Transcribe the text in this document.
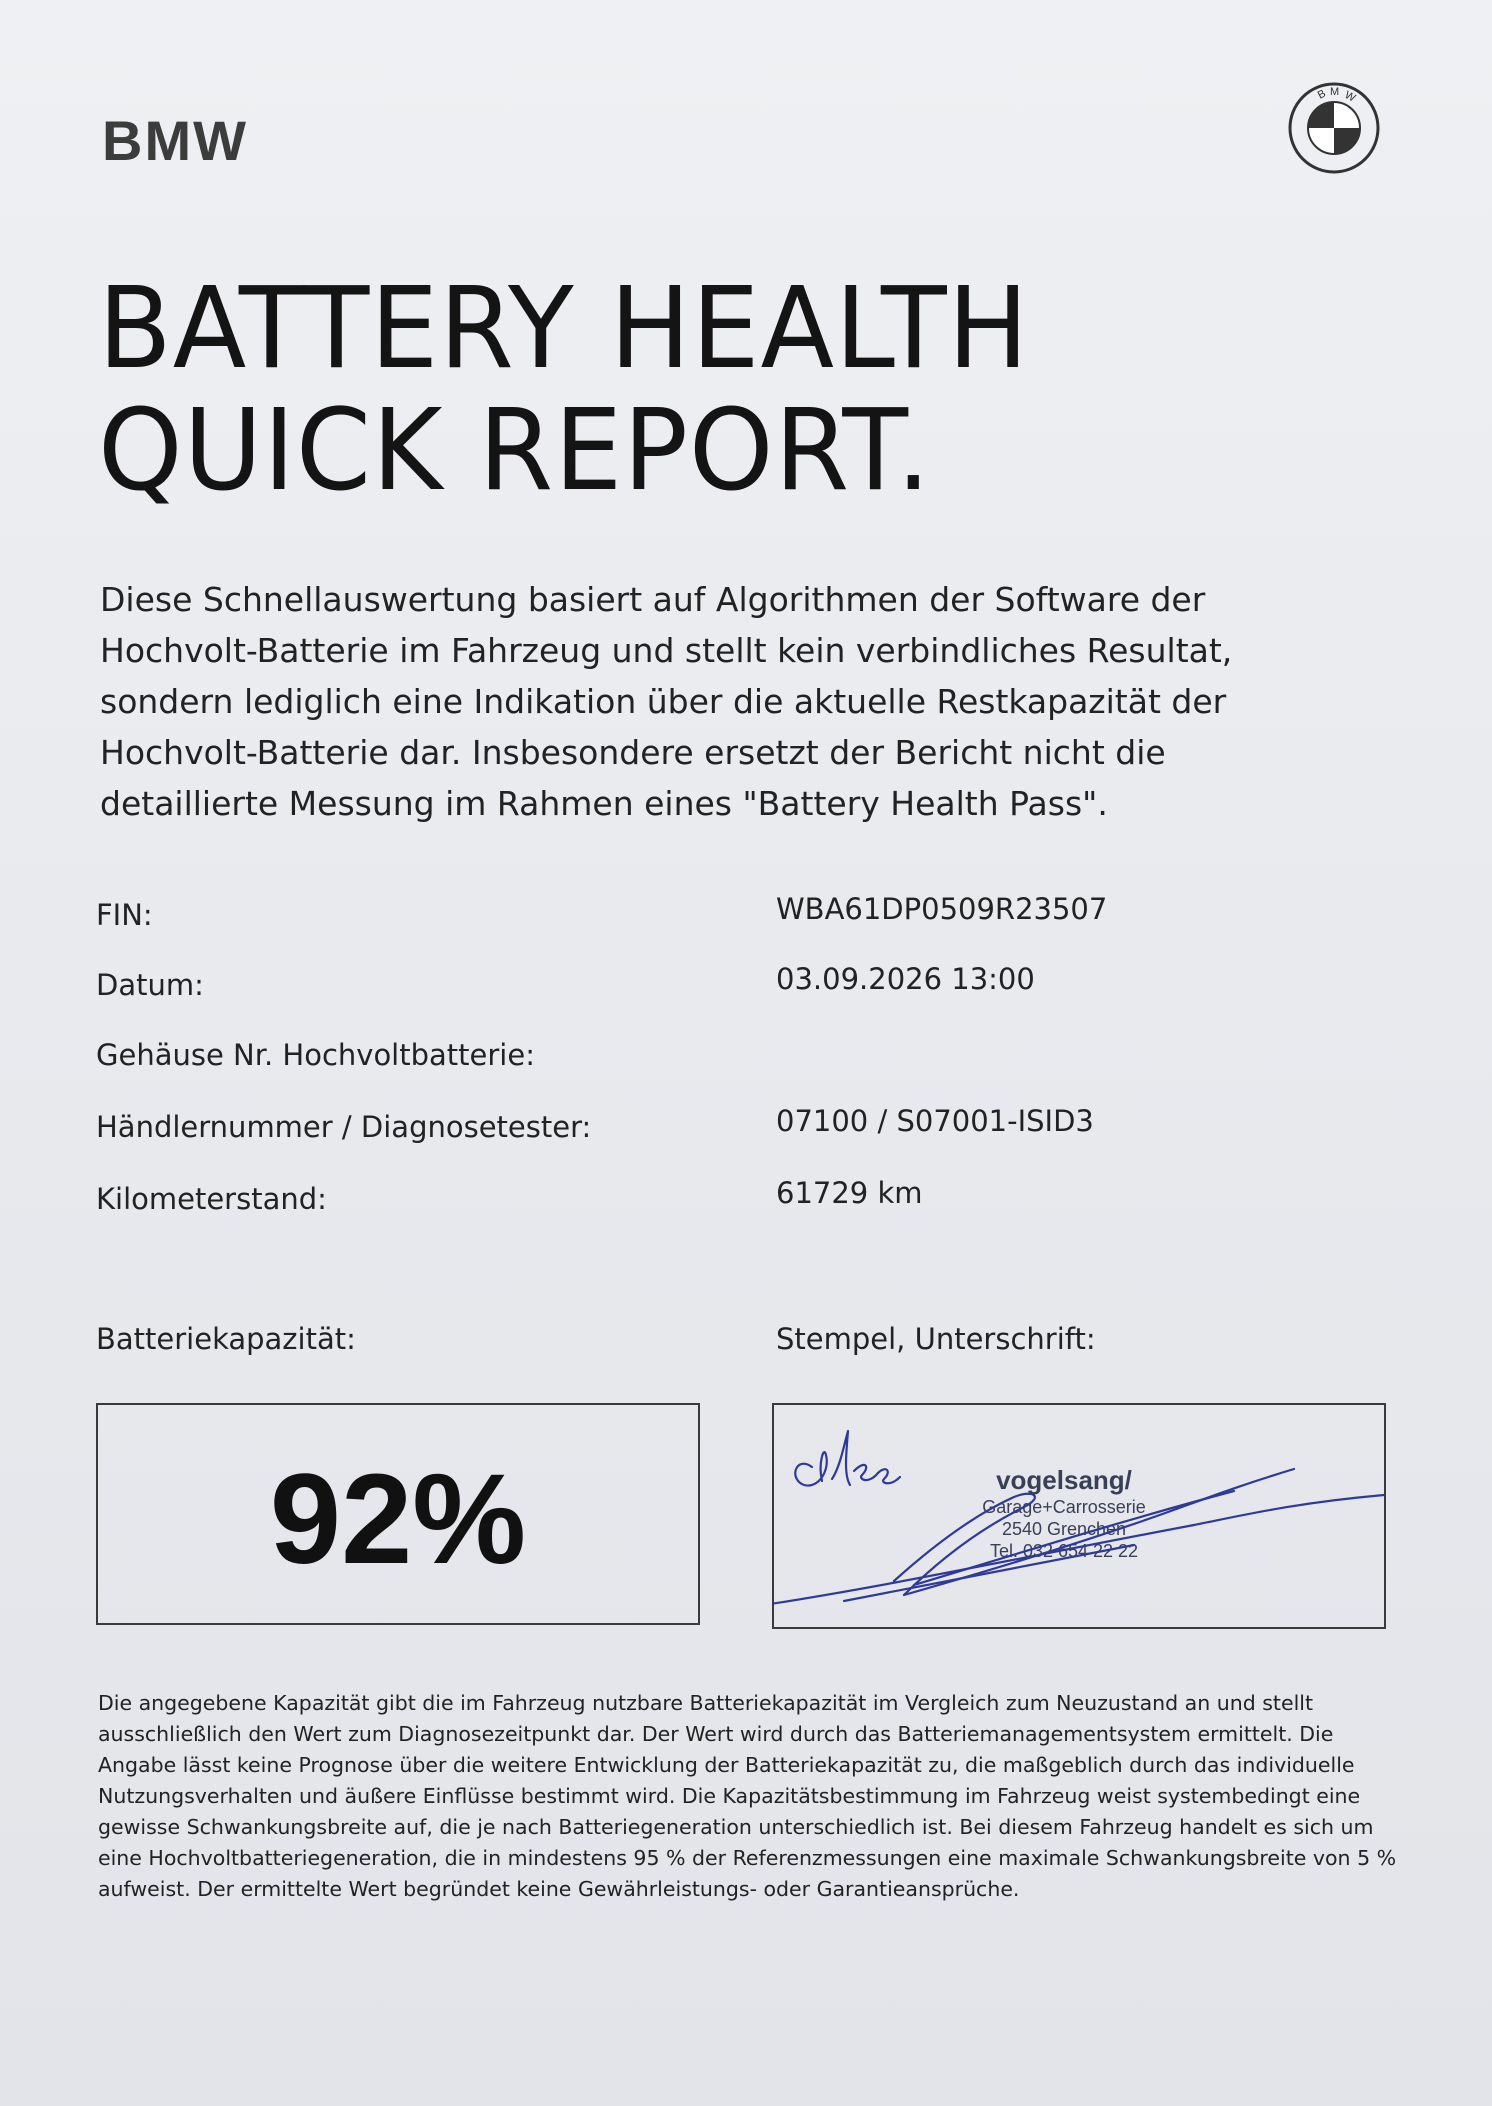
BMW
B M W
BATTERY HEALTH
QUICK REPORT.

Diese Schnellauswertung basiert auf Algorithmen der Software der Hochvolt-Batterie im Fahrzeug und stellt kein verbindliches Resultat, sondern lediglich eine Indikation über die aktuelle Restkapazität der Hochvolt-Batterie dar. Insbesondere ersetzt der Bericht nicht die detaillierte Messung im Rahmen eines "Battery Health Pass".

FIN:	WBA61DP0509R23507
Datum:	03.09.2026 13:00
Gehäuse Nr. Hochvoltbatterie:
Händlernummer / Diagnosetester:	07100 / S07001-ISID3
Kilometerstand:	61729 km
Batteriekapazität:	Stempel, Unterschrift:
92%	vogelsang/
Garage+Carrosserie
2540 Grenchen
Tel. 032 654 22 22

Die angegebene Kapazität gibt die im Fahrzeug nutzbare Batteriekapazität im Vergleich zum Neuzustand an und stellt ausschließlich den Wert zum Diagnosezeitpunkt dar. Der Wert wird durch das Batteriemanagementsystem ermittelt. Die Angabe lässt keine Prognose über die weitere Entwicklung der Batteriekapazität zu, die maßgeblich durch das individuelle Nutzungsverhalten und äußere Einflüsse bestimmt wird. Die Kapazitätsbestimmung im Fahrzeug weist systembedingt eine gewisse Schwankungsbreite auf, die je nach Batteriegeneration unterschiedlich ist. Bei diesem Fahrzeug handelt es sich um eine Hochvoltbatteriegeneration, die in mindestens 95 % der Referenzmessungen eine maximale Schwankungsbreite von 5 % aufweist. Der ermittelte Wert begründet keine Gewährleistungs- oder Garantieansprüche.
